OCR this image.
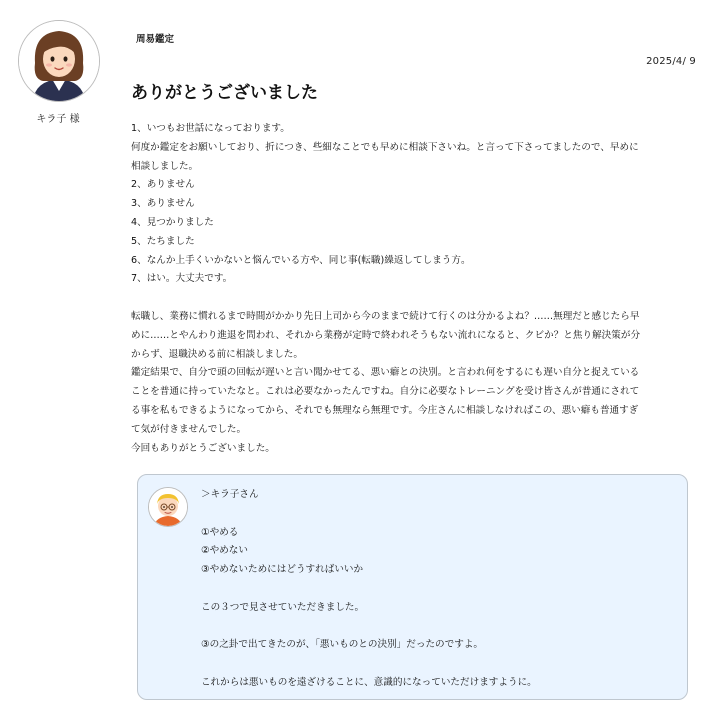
キラ子 様
周易鑑定
2025/4/ 9
ありがとうございました

1、いつもお世話になっております。

何度か鑑定をお願いしており、折につき、些細なことでも早めに相談下さいね。と言って下さってましたので、早めに

相談しました。

2、ありません

3、ありません

4、見つかりました

5、たちました

6、なんか上手くいかないと悩んでいる方や、同じ事(転職)繰返してしまう方。

7、はい。大丈夫です。

転職し、業務に慣れるまで時間がかかり先日上司から今のままで続けて行くのは分かるよね？……無理だと感じたら早

めに……とやんわり進退を問われ、それから業務が定時で終われそうもない流れになると、クビか？と焦り解決策が分

からず、退職決める前に相談しました。

鑑定結果で、自分で頭の回転が遅いと言い聞かせてる、悪い癖との決別。と言われ何をするにも遅い自分と捉えている

ことを普通に持っていたなと。これは必要なかったんですね。自分に必要なトレーニングを受け皆さんが普通にされて

る事を私もできるようになってから、それでも無理なら無理です。今庄さんに相談しなければこの、悪い癖も普通すぎ

て気が付きませんでした。

今回もありがとうございました。

＞キラ子さん

①やめる

②やめない

③やめないためにはどうすればいいか

この３つで見させていただきました。

③の之卦で出てきたのが、「悪いものとの決別」だったのですよ。

これからは悪いものを遠ざけることに、意識的になっていただけますように。
